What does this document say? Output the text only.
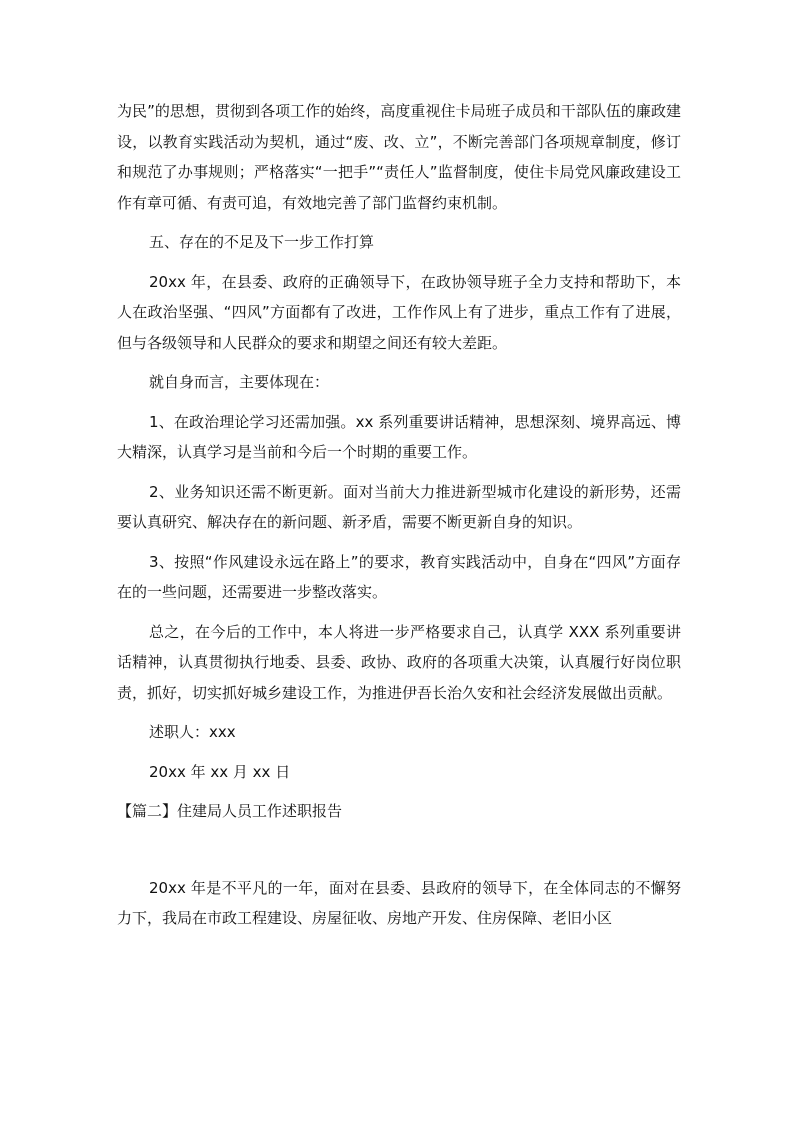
为民”的思想，贯彻到各项工作的始终，高度重视住卡局班子成员和干部队伍的廉政建设，以教育实践活动为契机，通过“废、改、立”，不断完善部门各项规章制度，修订和规范了办事规则；严格落实“一把手”“责任人”监督制度，使住卡局党风廉政建设工作有章可循、有责可追，有效地完善了部门监督约束机制。

五、存在的不足及下一步工作打算

20xx 年，在县委、政府的正确领导下，在政协领导班子全力支持和帮助下，本人在政治坚强、“四风”方面都有了改进，工作作风上有了进步，重点工作有了进展，但与各级领导和人民群众的要求和期望之间还有较大差距。

就自身而言，主要体现在：

1、在政治理论学习还需加强。xx 系列重要讲话精神，思想深刻、境界高远、博大精深，认真学习是当前和今后一个时期的重要工作。

2、业务知识还需不断更新。面对当前大力推进新型城市化建设的新形势，还需要认真研究、解决存在的新问题、新矛盾，需要不断更新自身的知识。

3、按照“作风建设永远在路上”的要求，教育实践活动中，自身在“四风”方面存在的一些问题，还需要进一步整改落实。

总之，在今后的工作中，本人将进一步严格要求自己，认真学 XXX 系列重要讲话精神，认真贯彻执行地委、县委、政协、政府的各项重大决策，认真履行好岗位职责，抓好，切实抓好城乡建设工作，为推进伊吾长治久安和社会经济发展做出贡献。

述职人：xxx

20xx 年 xx 月 xx 日

【篇二】住建局人员工作述职报告

20xx 年是不平凡的一年，面对在县委、县政府的领导下，在全体同志的不懈努力下，我局在市政工程建设、房屋征收、房地产开发、住房保障、老旧小区
